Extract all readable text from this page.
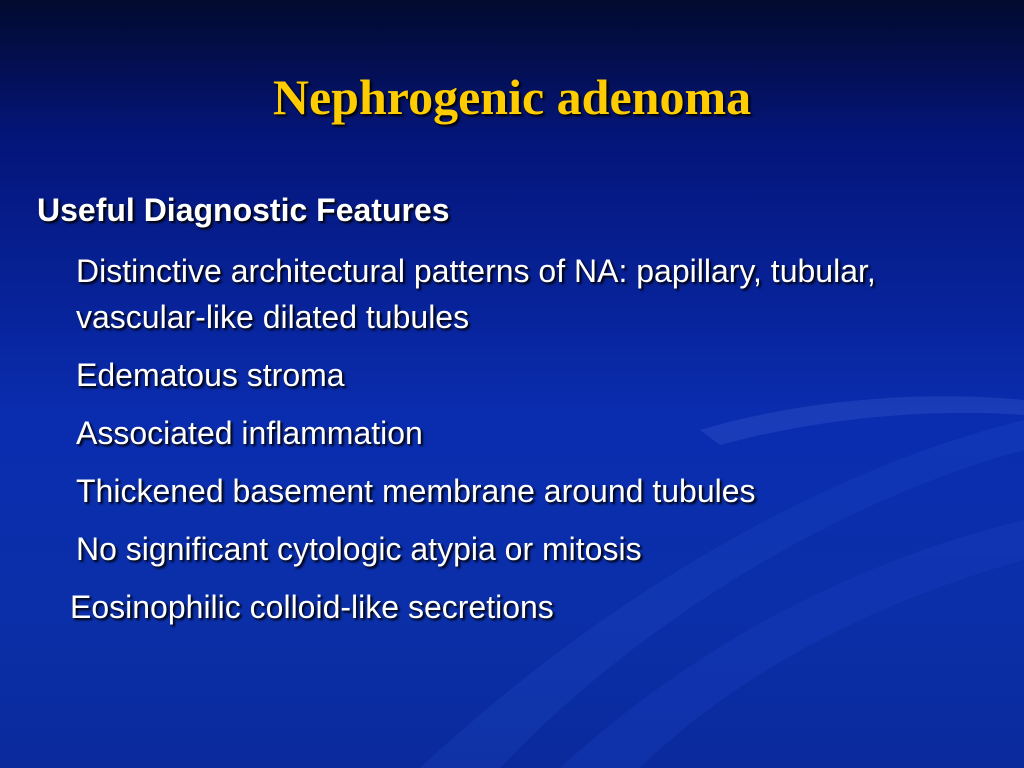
Nephrogenic adenoma
Useful Diagnostic Features
Distinctive architectural patterns of NA: papillary, tubular, vascular-like dilated tubules
Edematous stroma
Associated inflammation
Thickened basement membrane around tubules
No significant cytologic atypia or mitosis

Eosinophilic colloid-like secretions
